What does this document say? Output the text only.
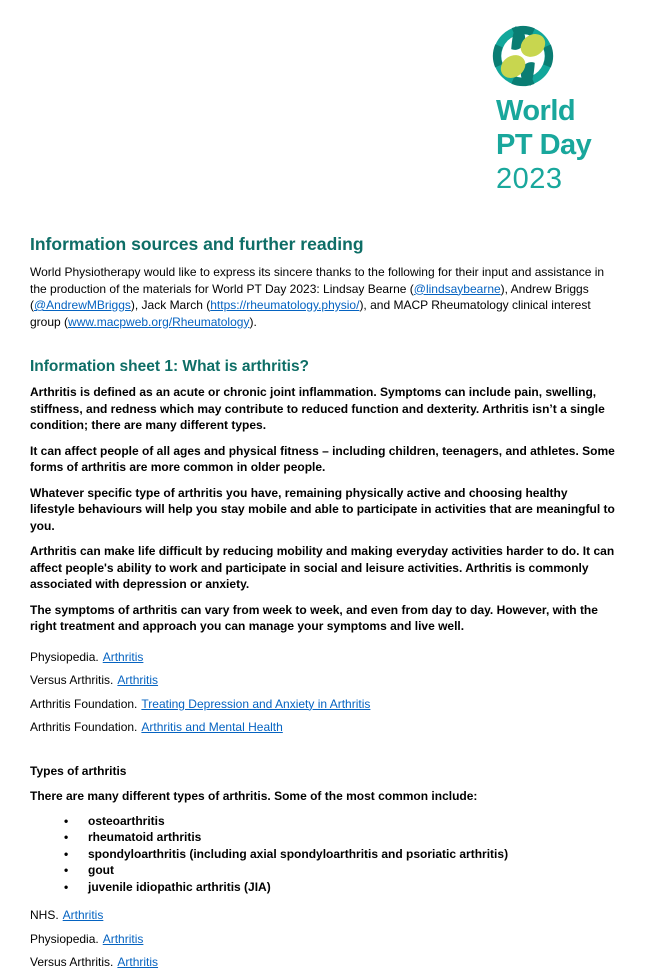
World
PT Day
2023
Information sources and further reading

World Physiotherapy would like to express its sincere thanks to the following for their input and assistance in the production of the materials for World PT Day 2023: Lindsay Bearne (@lindsaybearne), Andrew Briggs (@AndrewMBriggs), Jack March (https://rheumatology.physio/), and MACP Rheumatology clinical interest group (www.macpweb.org/Rheumatology).

Information sheet 1: What is arthritis?

Arthritis is defined as an acute or chronic joint inflammation. Symptoms can include pain, swelling, stiffness, and redness which may contribute to reduced function and dexterity. Arthritis isn’t a single condition; there are many different types.

It can affect people of all ages and physical fitness – including children, teenagers, and athletes. Some forms of arthritis are more common in older people.

Whatever specific type of arthritis you have, remaining physically active and choosing healthy lifestyle behaviours will help you stay mobile and able to participate in activities that are meaningful to you.

Arthritis can make life difficult by reducing mobility and making everyday activities harder to do. It can affect people's ability to work and participate in social and leisure activities. Arthritis is commonly associated with depression or anxiety.

The symptoms of arthritis can vary from week to week, and even from day to day. However, with the right treatment and approach you can manage your symptoms and live well.

Physiopedia. Arthritis

Versus Arthritis. Arthritis

Arthritis Foundation. Treating Depression and Anxiety in Arthritis

Arthritis Foundation. Arthritis and Mental Health

Types of arthritis

There are many different types of arthritis. Some of the most common include:

• osteoarthritis
• rheumatoid arthritis
• spondyloarthritis (including axial spondyloarthritis and psoriatic arthritis)
• gout
• juvenile idiopathic arthritis (JIA)

NHS. Arthritis

Physiopedia. Arthritis

Versus Arthritis. Arthritis
